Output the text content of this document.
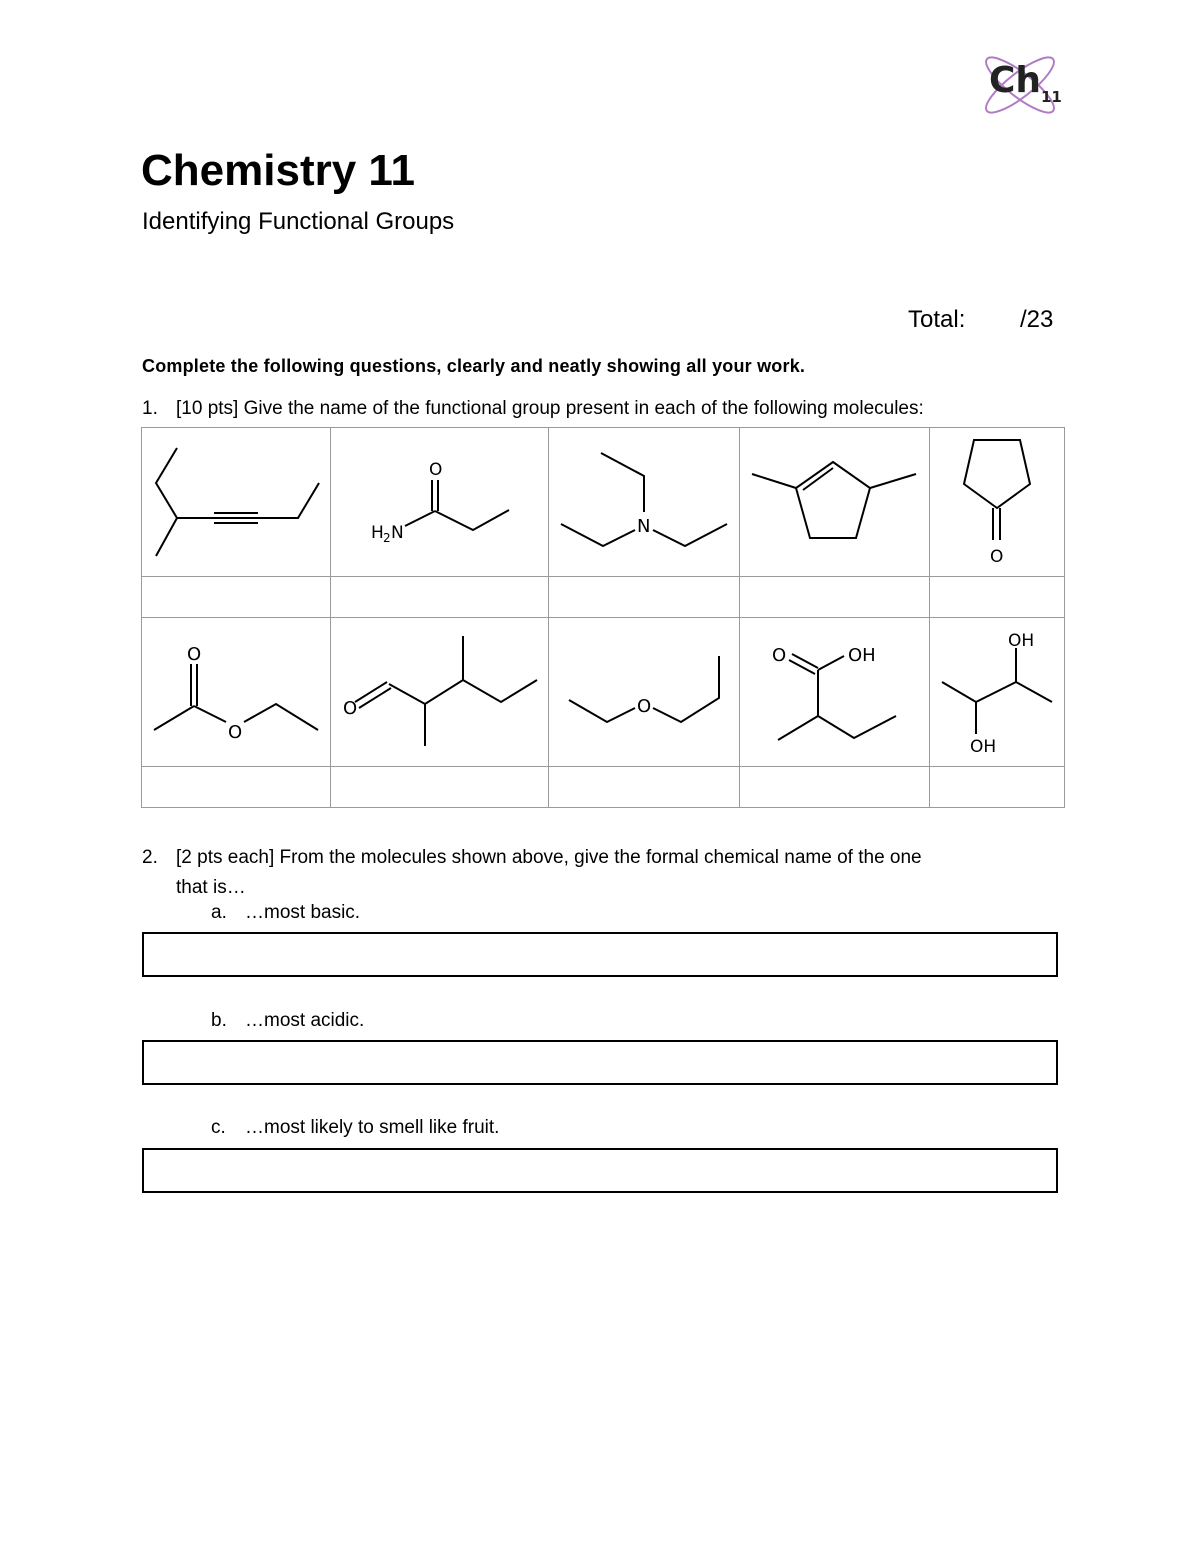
Ch 11
Chemistry 11

Identifying Functional Groups

Total: /23
Complete the following questions, clearly and neatly showing all your work.
1. [10 pts] Give the name of the functional group present in each of the following molecules:

O
H 2 N	N		O

O
O	O	O	O OH	OH
OH

2. [2 pts each] From the molecules shown above, give the formal chemical name of the one
that is…
a. …most basic.
b. …most acidic.
c. …most likely to smell like fruit.
